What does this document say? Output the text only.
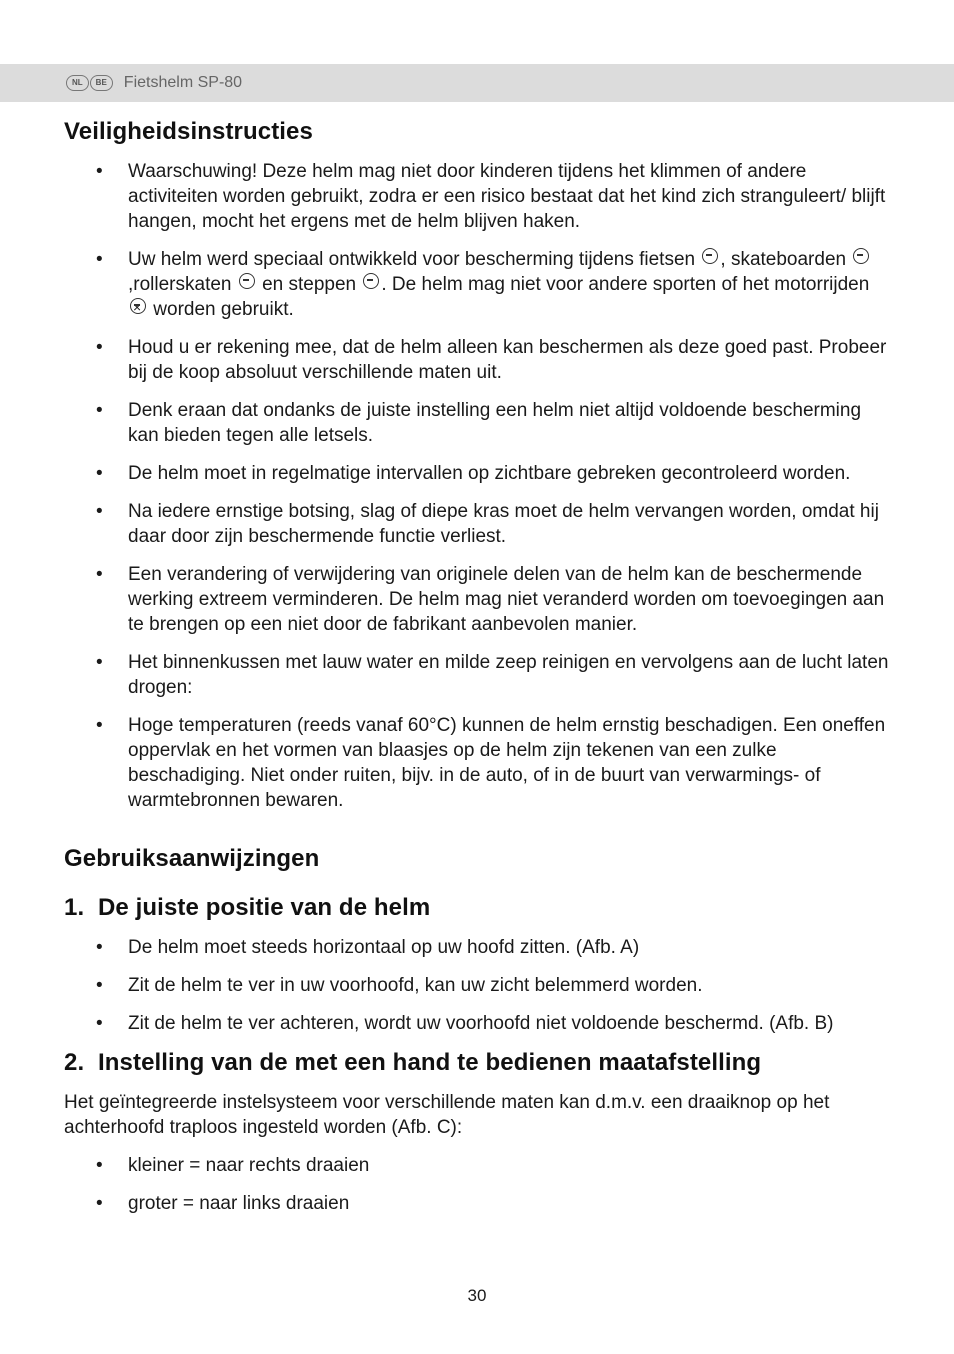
NL	BE	Fietshelm SP-80
Veiligheidsinstructies
• Waarschuwing! Deze helm mag niet door kinderen tijdens het klimmen of andere activiteiten worden gebruikt, zodra er een risico bestaat dat het kind zich stranguleert/ blijft hangen, mocht het ergens met de helm blijven haken.
• Uw helm werd speciaal ontwikkeld voor bescherming tijdens fietsen , skateboarden ,rollerskaten en steppen . De helm mag niet voor andere sporten of het motorrijden × worden gebruikt.
• Houd u er rekening mee, dat de helm alleen kan beschermen als deze goed past. Probeer bij de koop absoluut verschillende maten uit.
• Denk eraan dat ondanks de juiste instelling een helm niet altijd voldoende bescherming kan bieden tegen alle letsels.
• De helm moet in regelmatige intervallen op zichtbare gebreken gecontroleerd worden.
• Na iedere ernstige botsing, slag of diepe kras moet de helm vervangen worden, omdat hij daar door zijn beschermende functie verliest.
• Een verandering of verwijdering van originele delen van de helm kan de beschermende werking extreem verminderen. De helm mag niet veranderd worden om toevoegingen aan te brengen op een niet door de fabrikant aanbevolen manier.
• Het binnenkussen met lauw water en milde zeep reinigen en vervolgens aan de lucht laten drogen:
• Hoge temperaturen (reeds vanaf 60°C) kunnen de helm ernstig beschadigen. Een oneffen oppervlak en het vormen van blaasjes op de helm zijn tekenen van een zulke beschadiging. Niet onder ruiten, bijv. in de auto, of in de buurt van verwarmings- of warmtebronnen bewaren.
Gebruiksaanwijzingen
1. De juiste positie van de helm
• De helm moet steeds horizontaal op uw hoofd zitten. (Afb. A)
• Zit de helm te ver in uw voorhoofd, kan uw zicht belemmerd worden.
• Zit de helm te ver achteren, wordt uw voorhoofd niet voldoende beschermd. (Afb. B)
2. Instelling van de met een hand te bedienen maatafstelling

Het geïntegreerde instelsysteem voor verschillende maten kan d.m.v. een draaiknop op het achterhoofd traploos ingesteld worden (Afb. C):

• kleiner = naar rechts draaien
• groter = naar links draaien
30
